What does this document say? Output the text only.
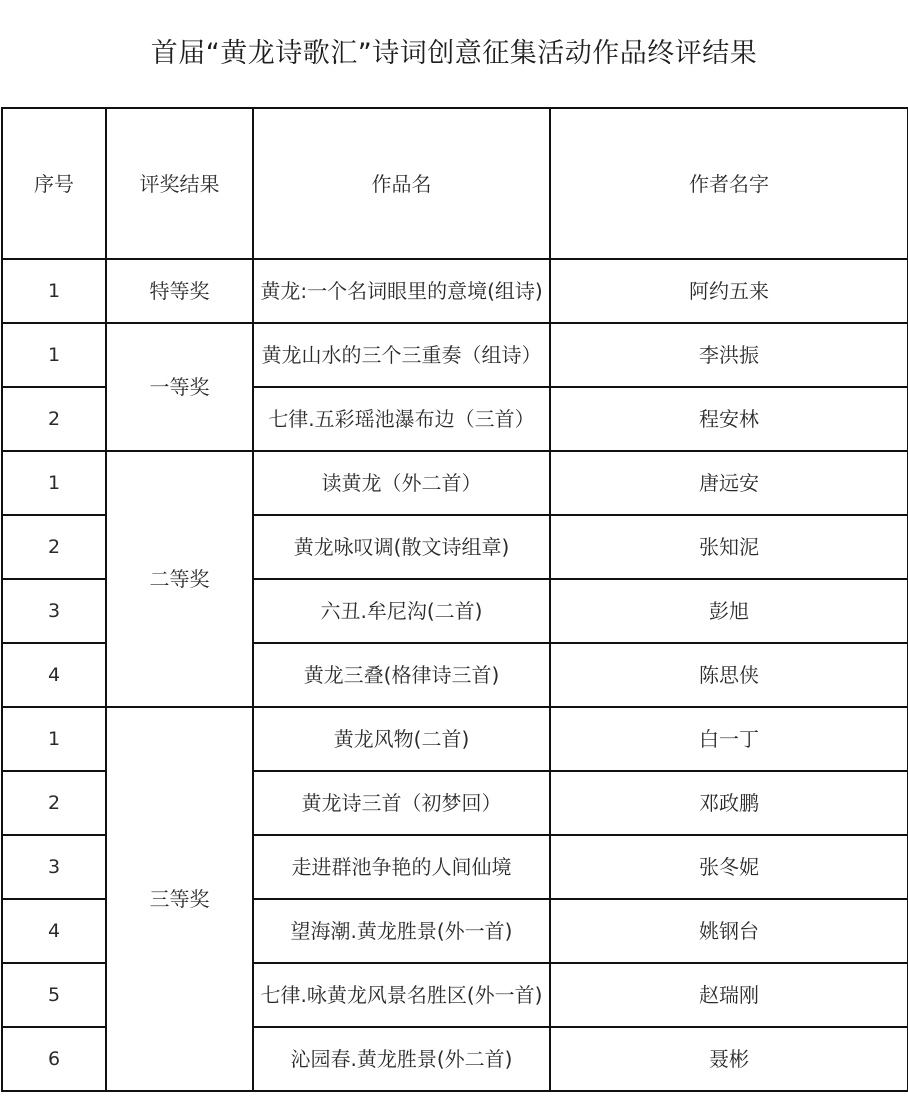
首届“黄龙诗歌汇”诗词创意征集活动作品终评结果
序号	评奖结果	作品名	作者名字
1	特等奖	黄龙:一个名词眼里的意境(组诗)	阿约五来
1	一等奖	黄龙山水的三个三重奏（组诗）	李洪振
2		七律.五彩瑶池瀑布边（三首）	程安林
1	二等奖	读黄龙（外二首）	唐远安
2		黄龙咏叹调(散文诗组章)	张知泥
3		六丑.牟尼沟(二首)	彭旭
4		黄龙三叠(格律诗三首)	陈思侠
1	三等奖	黄龙风物(二首)	白一丁
2		黄龙诗三首（初梦回）	邓政鹏
3		走进群池争艳的人间仙境	张冬妮
4		望海潮.黄龙胜景(外一首)	姚钢台
5		七律.咏黄龙风景名胜区(外一首)	赵瑞刚
6		沁园春.黄龙胜景(外二首)	聂彬
